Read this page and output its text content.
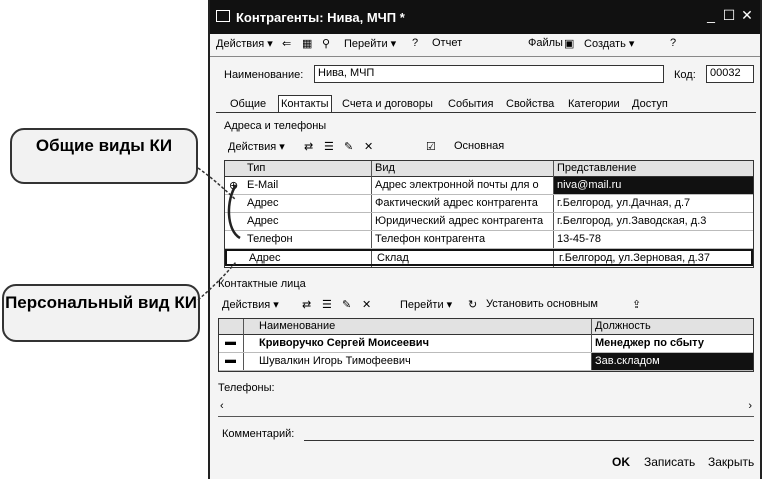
Общие виды КИ
Персональный вид КИ
Контрагенты: Нива, МЧП *	_ ☐ ✕
Действия ▾ ⇐ ▦ ⚲ Перейти ▾ ? Отчет	Файлы ▣ Создать ▾	?
Наименование:	Нива, МЧП	Код:	00032
Общие Контакты Счета и договоры События Свойства Категории Доступ
Адреса и телефоны
Действия ▾ ⇄ ☰ ✎ ✕	☑ Основная
Тип	Вид	Представление
⊕ E-Mail	Адрес электронной почты для о	niva@mail.ru
Адрес	Фактический адрес контрагента	г.Белгород, ул.Дачная, д.7
Адрес	Юридический адрес контрагента	г.Белгород, ул.Заводская, д.3
Телефон	Телефон контрагента	13-45-78
Адрес	Склад	г.Белгород, ул.Зерновая, д.37
Контактные лица
Действия ▾ ⇄ ☰ ✎ ✕	Перейти ▾ ↻ Установить основным	⇪
Наименование	Должность
▬ Криворучко Сергей Моисеевич	Менеджер по сбыту
▬ Шувалкин Игорь Тимофеевич	Зав.складом
Телефоны:
‹	›
Комментарий:
OK Записать Закрыть
